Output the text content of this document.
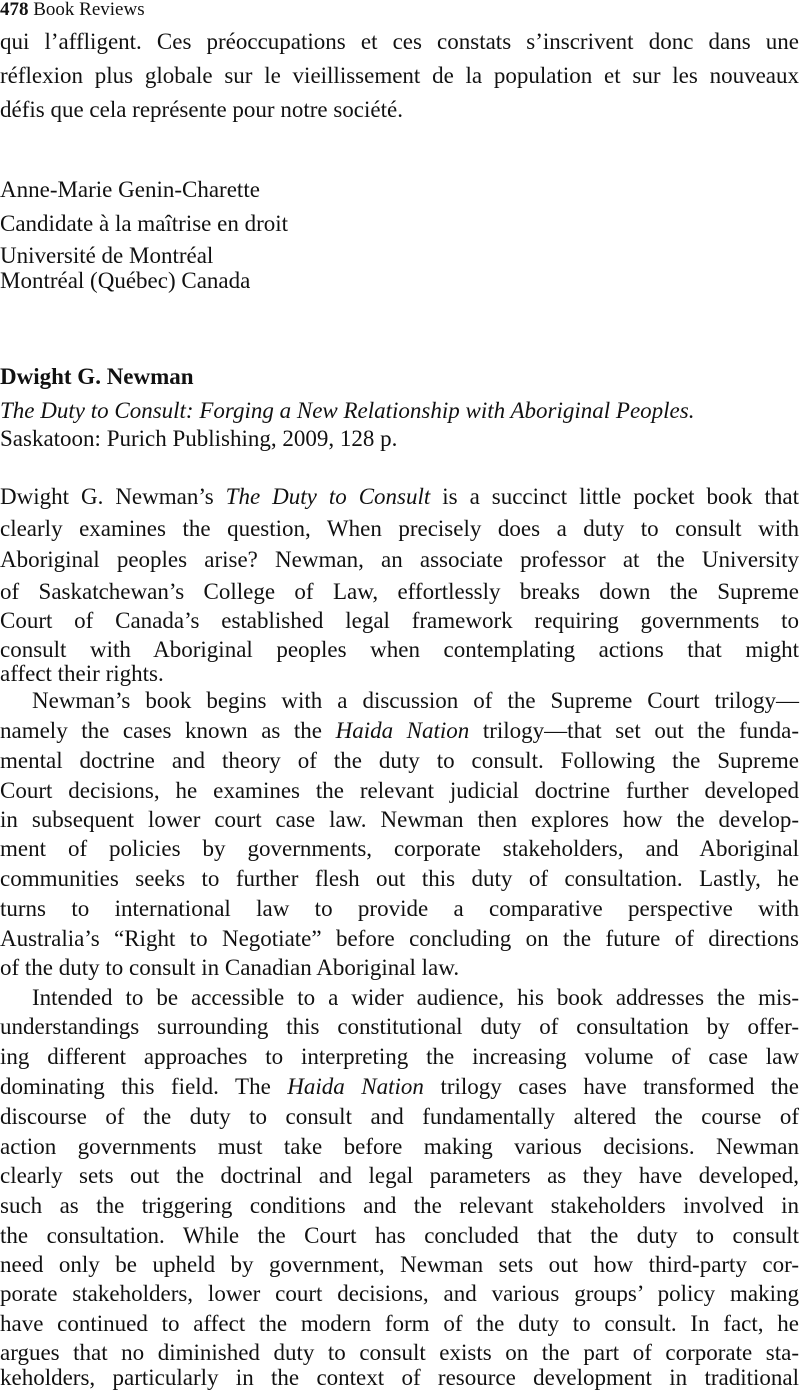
478 Book Reviews
qui l’affligent. Ces préoccupations et ces constats s’inscrivent donc dans une
réflexion plus globale sur le vieillissement de la population et sur les nouveaux
défis que cela représente pour notre société.
Anne-Marie Genin-Charette
Candidate à la maîtrise en droit
Université de Montréal
Montréal (Québec) Canada
Dwight G. Newman
The Duty to Consult: Forging a New Relationship with Aboriginal Peoples.
Saskatoon: Purich Publishing, 2009, 128 p.
Dwight G. Newman’s The Duty to Consult is a succinct little pocket book that
clearly examines the question, When precisely does a duty to consult with
Aboriginal peoples arise? Newman, an associate professor at the University
of Saskatchewan’s College of Law, effortlessly breaks down the Supreme
Court of Canada’s established legal framework requiring governments to
consult with Aboriginal peoples when contemplating actions that might
affect their rights.
Newman’s book begins with a discussion of the Supreme Court trilogy—
namely the cases known as the Haida Nation trilogy—that set out the funda-
mental doctrine and theory of the duty to consult. Following the Supreme
Court decisions, he examines the relevant judicial doctrine further developed
in subsequent lower court case law. Newman then explores how the develop-
ment of policies by governments, corporate stakeholders, and Aboriginal
communities seeks to further flesh out this duty of consultation. Lastly, he
turns to international law to provide a comparative perspective with
Australia’s “Right to Negotiate” before concluding on the future of directions
of the duty to consult in Canadian Aboriginal law.
Intended to be accessible to a wider audience, his book addresses the mis-
understandings surrounding this constitutional duty of consultation by offer-
ing different approaches to interpreting the increasing volume of case law
dominating this field. The Haida Nation trilogy cases have transformed the
discourse of the duty to consult and fundamentally altered the course of
action governments must take before making various decisions. Newman
clearly sets out the doctrinal and legal parameters as they have developed,
such as the triggering conditions and the relevant stakeholders involved in
the consultation. While the Court has concluded that the duty to consult
need only be upheld by government, Newman sets out how third-party cor-
porate stakeholders, lower court decisions, and various groups’ policy making
have continued to affect the modern form of the duty to consult. In fact, he
argues that no diminished duty to consult exists on the part of corporate sta-
keholders, particularly in the context of resource development in traditional
